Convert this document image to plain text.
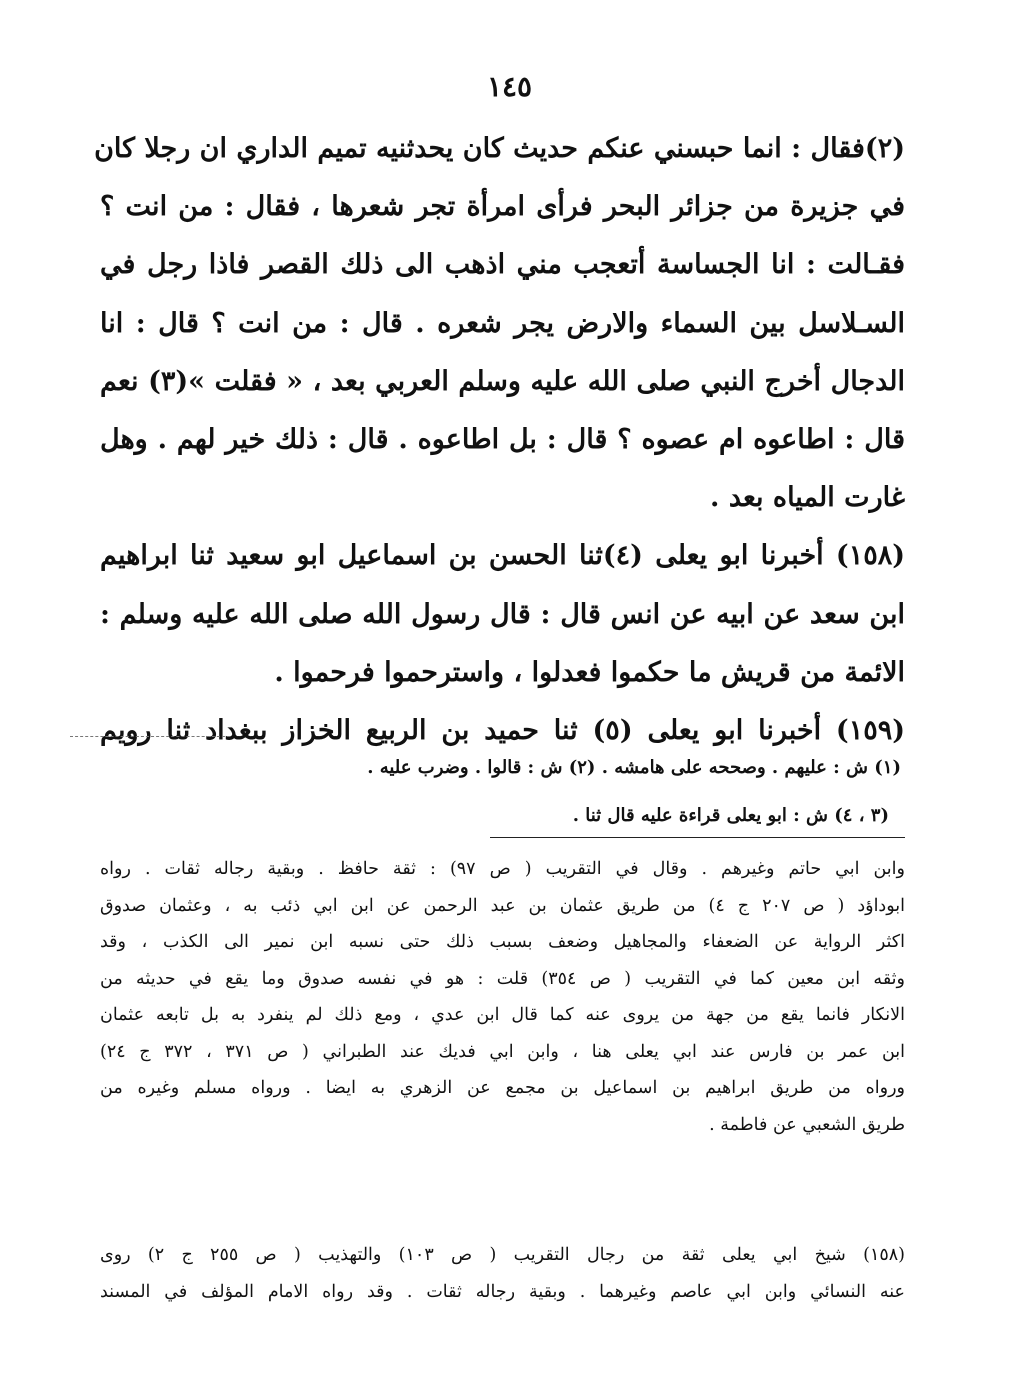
١٤٥
(٢)فقال : انما حبسني عنكم حديث كان يحدثنيه تميم الداري ان رجلا كان
في جزيرة من جزائر البحر فرأى امرأة تجر شعرها ، فقال : من انت ؟
فقـالت : انا الجساسة أتعجب مني اذهب الى ذلك القصر فاذا رجل في
السـلاسل بين السماء والارض يجر شعره . قال : من انت ؟ قال : انا
الدجال أخرج النبي صلى الله عليه وسلم العربي بعد ، « فقلت »(٣) نعم
قال : اطاعوه ام عصوه ؟ قال : بل اطاعوه . قال : ذلك خير لهم . وهل
غارت المياه بعد .
(١٥٨) أخبرنا ابو يعلى (٤)ثنا الحسن بن اسماعيل ابو سعيد ثنا ابراهيم
ابن سعد عن ابيه عن انس قال : قال رسول الله صلى الله عليه وسلم :
الائمة من قريش ما حكموا فعدلوا ، واسترحموا فرحموا .
(١٥٩) أخبرنا ابو يعلى (٥) ثنا حميد بن الربيع الخزاز ببغداد ثنا رويم
(١) ش : عليهم . وصححه على هامشه . (٢) ش : قالوا . وضرب عليه .
(٣ ، ٤) ش : ابو يعلى قراءة عليه قال ثنا .
وابن ابي حاتم وغيرهم . وقال في التقريب ( ص ٩٧) : ثقة حافظ . وبقية رجاله ثقات . رواه
ابوداؤد ( ص ٢٠٧ ج ٤) من طريق عثمان بن عبد الرحمن عن ابن ابي ذئب به ، وعثمان صدوق
اكثر الرواية عن الضعفاء والمجاهيل وضعف بسبب ذلك حتى نسبه ابن نمير الى الكذب ، وقد
وثقه ابن معين كما في التقريب ( ص ٣٥٤) قلت : هو في نفسه صدوق وما يقع في حديثه من
الانكار فانما يقع من جهة من يروى عنه كما قال ابن عدي ، ومع ذلك لم ينفرد به بل تابعه عثمان
ابن عمر بن فارس عند ابي يعلى هنا ، وابن ابي فديك عند الطبراني ( ص ٣٧١ ، ٣٧٢ ج ٢٤)
ورواه من طريق ابراهيم بن اسماعيل بن مجمع عن الزهري به ايضا . ورواه مسلم وغيره من
طريق الشعبي عن فاطمة .
(١٥٨) شيخ ابي يعلى ثقة من رجال التقريب ( ص ١٠٣) والتهذيب ( ص ٢٥٥ ج ٢) روى
عنه النسائي وابن ابي عاصم وغيرهما . وبقية رجاله ثقات . وقد رواه الامام المؤلف في المسند
